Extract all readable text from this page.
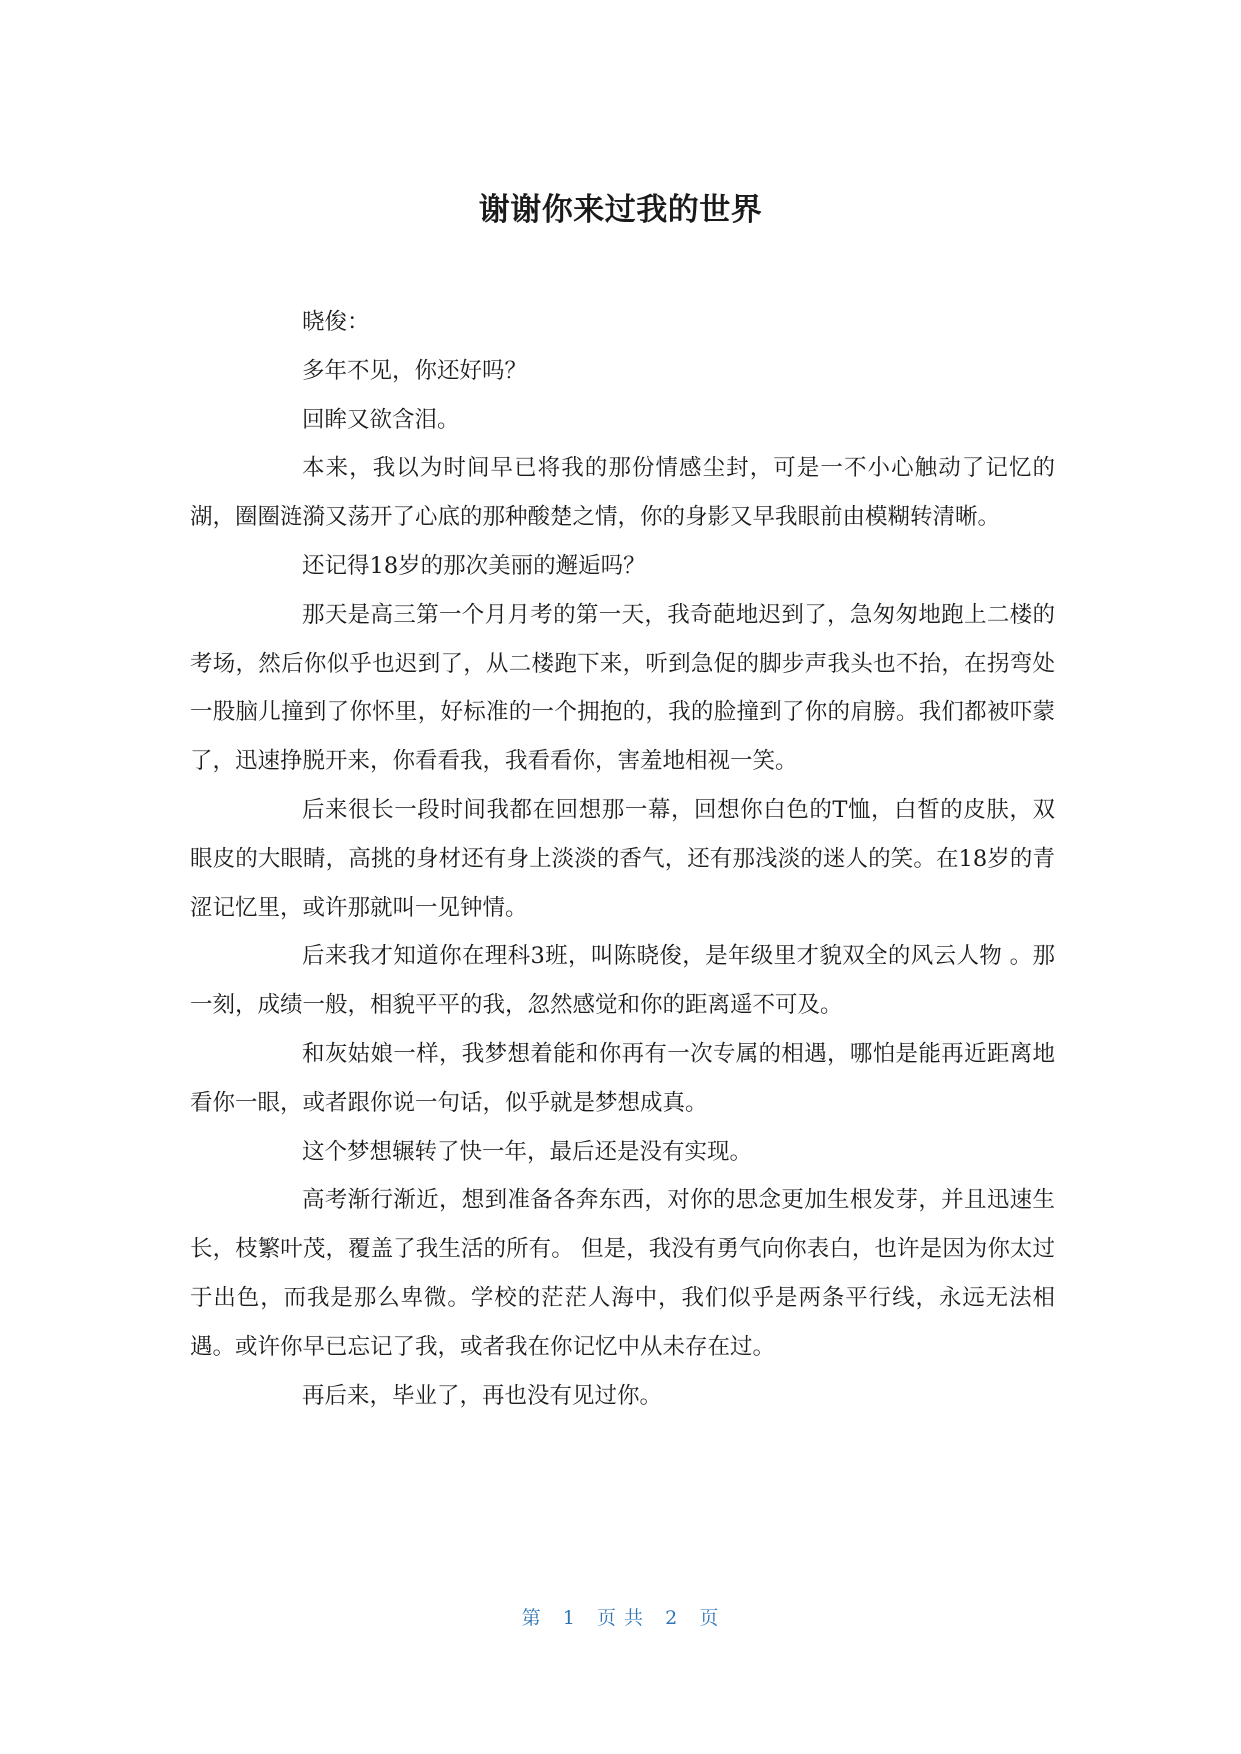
谢谢你来过我的世界

晓俊：

多年不见，你还好吗？

回眸又欲含泪。

本来，我以为时间早已将我的那份情感尘封，可是一不小心触动了记忆的湖，圈圈涟漪又荡开了心底的那种酸楚之情，你的身影又早我眼前由模糊转清晰。

还记得18岁的那次美丽的邂逅吗？

那天是高三第一个月月考的第一天，我奇葩地迟到了，急匆匆地跑上二楼的考场，然后你似乎也迟到了，从二楼跑下来，听到急促的脚步声我头也不抬，在拐弯处一股脑儿撞到了你怀里，好标准的一个拥抱的，我的脸撞到了你的肩膀。我们都被吓蒙了，迅速挣脱开来，你看看我，我看看你，害羞地相视一笑。

后来很长一段时间我都在回想那一幕，回想你白色的T恤，白皙的皮肤，双眼皮的大眼睛，高挑的身材还有身上淡淡的香气，还有那浅淡的迷人的笑。在18岁的青涩记忆里，或许那就叫一见钟情。

后来我才知道你在理科3班，叫陈晓俊，是年级里才貌双全的风云人物 。那一刻，成绩一般，相貌平平的我，忽然感觉和你的距离遥不可及。

和灰姑娘一样，我梦想着能和你再有一次专属的相遇，哪怕是能再近距离地看你一眼，或者跟你说一句话，似乎就是梦想成真。

这个梦想辗转了快一年，最后还是没有实现。

高考渐行渐近，想到准备各奔东西，对你的思念更加生根发芽，并且迅速生长，枝繁叶茂，覆盖了我生活的所有。 但是，我没有勇气向你表白，也许是因为你太过于出色，而我是那么卑微。学校的茫茫人海中，我们似乎是两条平行线，永远无法相遇。或许你早已忘记了我，或者我在你记忆中从未存在过。

再后来，毕业了，再也没有见过你。

第 1 页 共 2 页
